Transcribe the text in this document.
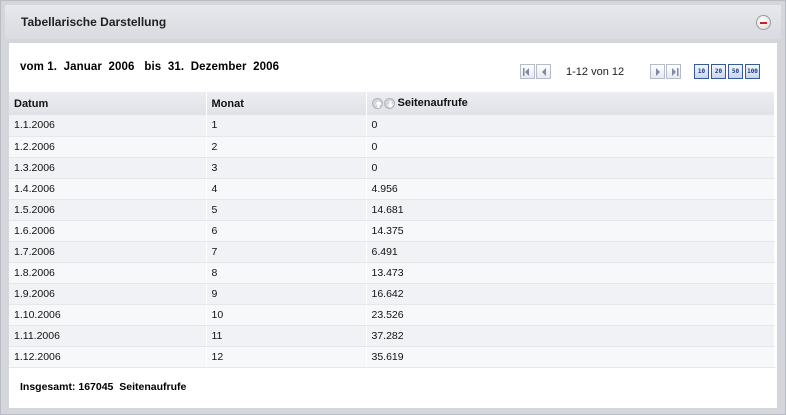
Tabellarische Darstellung
vom 1.  Januar  2006   bis  31.  Dezember  2006	1-12 von 12	10	20	50	100
Datum	Monat	Seitenaufrufe
1.1.2006	1	0
1.2.2006	2	0
1.3.2006	3	0
1.4.2006	4	4.956
1.5.2006	5	14.681
1.6.2006	6	14.375
1.7.2006	7	6.491
1.8.2006	8	13.473
1.9.2006	9	16.642
1.10.2006	10	23.526
1.11.2006	11	37.282
1.12.2006	12	35.619
Insgesamt: 167045  Seitenaufrufe
